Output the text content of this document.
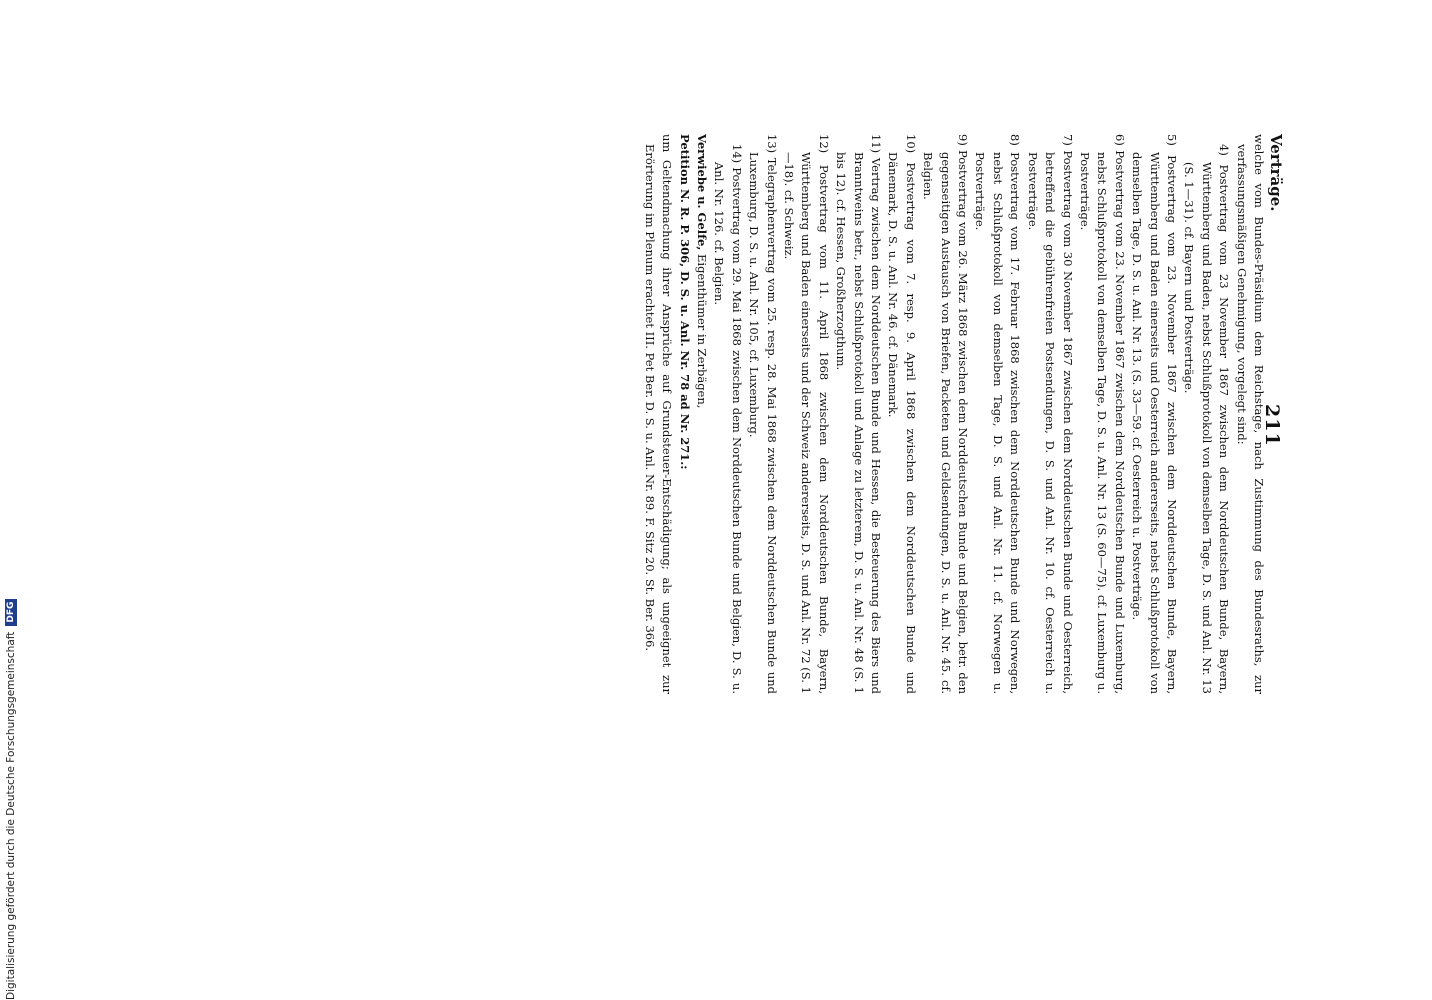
211

Verträge.

welche vom Bundes-Präsidium dem Reichstage, nach Zustimmung des Bundesraths, zur verfassungsmäßigen Genehmigung, vorgelegt sind:

4) Postvertrag vom 23 November 1867 zwischen dem Norddeutschen Bunde, Bayern, Württemberg und Baden, nebst Schlußprotokoll von demselben Tage, D. S. und Anl. Nr. 13 (S. 1—31). cf. Bayern und Postverträge.

5) Postvertrag vom 23. November 1867 zwischen dem Norddeutschen Bunde, Bayern, Württemberg und Baden einerseits und Oesterreich andererseits, nebst Schlußprotokoll von demselben Tage, D. S. u. Anl. Nr. 13. (S. 33—59. cf. Oesterreich u. Postverträge.

6) Postvertrag vom 23. November 1867 zwischen dem Norddeutschen Bunde und Luxemburg, nebst Schlußprotokoll von demselben Tage, D. S. u. Anl. Nr. 13 (S. 60—75). cf. Luxemburg u. Postverträge.

7) Postvertrag vom 30 November 1867 zwischen dem Norddeutschen Bunde und Oesterreich, betreffend die gebührenfreien Postsendungen, D. S. und Anl. Nr. 10. cf. Oesterreich u. Postverträge.

8) Postvertrag vom 17. Februar 1868 zwischen dem Norddeutschen Bunde und Norwegen, nebst Schlußprotokoll von demselben Tage, D. S. und Anl. Nr. 11. cf. Norwegen u. Postverträge.

9) Postvertrag vom 26. März 1868 zwischen dem Norddeutschen Bunde und Belgien, betr. den gegenseitigen Austausch von Briefen, Packeten und Geldsendungen, D. S. u. Anl. Nr. 45. cf. Belgien.

10) Postvertrag vom 7. resp. 9. April 1868 zwischen dem Norddeutschen Bunde und Dänemark, D. S. u. Anl. Nr. 46. cf. Dänemark.

11) Vertrag zwischen dem Norddeutschen Bunde und Hessen, die Besteuerung des Biers und Branntweins betr., nebst Schlußprotokoll und Anlage zu letzterem, D. S. u. Anl. Nr. 48 (S. 1 bis 12). cf. Hessen, Großherzogthum.

12) Postvertrag vom 11. April 1868 zwischen dem Norddeutschen Bunde, Bayern, Württemberg und Baden einerseits und der Schweiz andererseits, D. S. und Anl. Nr. 72 (S. 1—18). cf. Schweiz.

13) Telegraphenvertrag vom 25. resp. 28. Mai 1868 zwischen dem Norddeutschen Bunde und Luxemburg, D. S. u. Anl. Nr. 105, cf. Luxemburg.

14) Postvertrag vom 29. Mai 1868 zwischen dem Norddeutschen Bunde und Belgien, D. S. u. Anl. Nr. 126. cf. Belgien.

Verwiebe u. Gelfe, Eigenthümer in Zerbägen,

Petition N. R. P. 306, D. S. u. Anl. Nr. 78 ad Nr. 271.:

um Geltendmachung ihrer Ansprüche auf Grundsteuer-Entschädigung; als ungeeignet zur Erörterung im Plenum erachtet III. Pet Ber. D. S. u. Anl. Nr. 89. F. Sitz 20. St. Ber. 366.

Digitalisierung gefördert durch die Deutsche ForschungsgemeinschaftDFG
